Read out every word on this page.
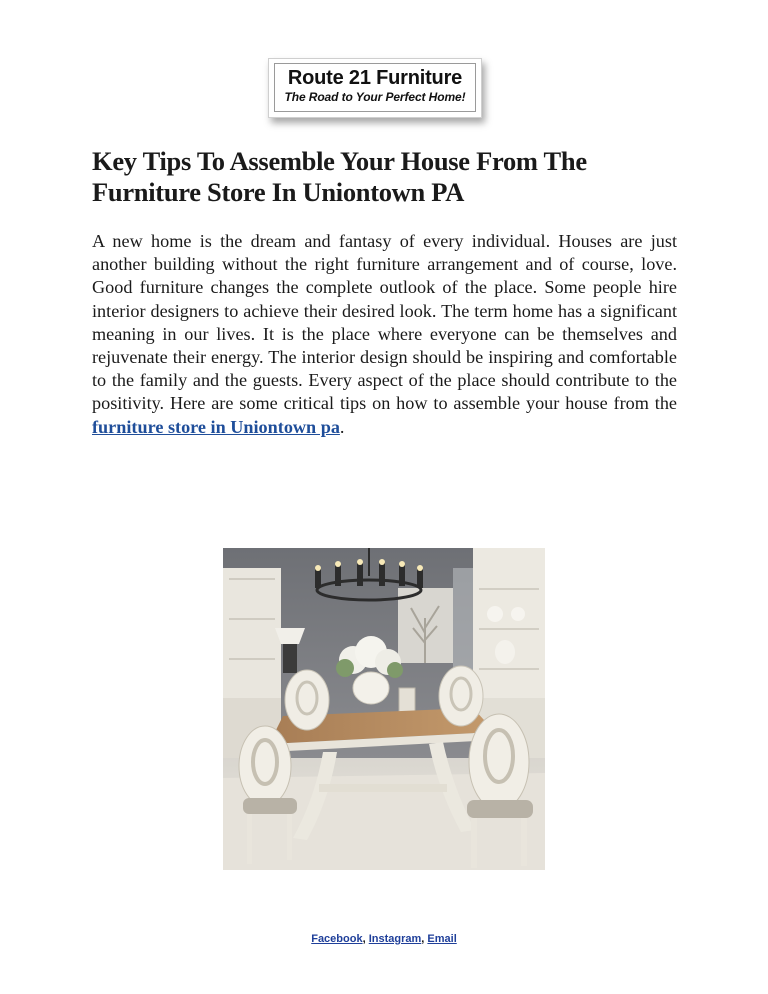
Route 21 Furniture
The Road to Your Perfect Home!
Key Tips To Assemble Your House From The Furniture Store In Uniontown PA

A new home is the dream and fantasy of every individual. Houses are just another building without the right furniture arrangement and of course, love. Good furniture changes the complete outlook of the place. Some people hire interior designers to achieve their desired look. The term home has a significant meaning in our lives. It is the place where everyone can be themselves and rejuvenate their energy. The interior design should be inspiring and comfortable to the family and the guests. Every aspect of the place should contribute to the positivity. Here are some critical tips on how to assemble your house from the furniture store in Uniontown pa.

Facebook, Instagram, Email
